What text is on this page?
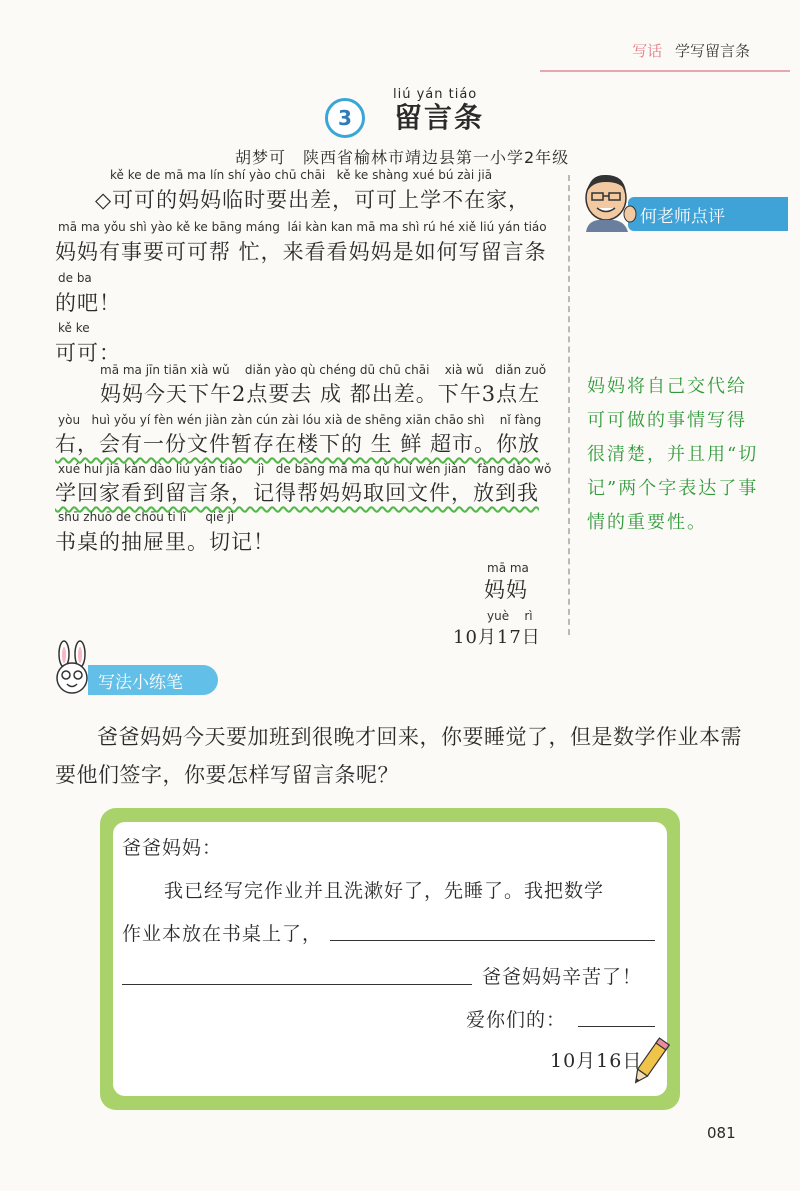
写话 学写留言条
liú yán tiáo
3	留言条
胡梦可　陕西省榆林市靖边县第一小学2年级
kě ke de mā ma lín shí yào chū chāi   kě ke shàng xué bú zài jiā
◇可可的妈妈临时要出差，可可上学不在家，
mā ma yǒu shì yào kě ke bāng máng  lái kàn kan mā ma shì rú hé xiě liú yán tiáo
妈妈有事要可可帮 忙，来看看妈妈是如何写留言条
de ba
的吧！
kě ke
可可：
mā ma jīn tiān xià wǔ    diǎn yào qù chéng dū chū chāi    xià wǔ   diǎn zuǒ
妈妈今天下午2点要去 成 都出差。下午3点左
yòu   huì yǒu yí fèn wén jiàn zàn cún zài lóu xià de shēng xiān chāo shì    nǐ fàng
右，会有一份文件暂存在楼下的 生 鲜 超市。你放
xué huí jiā kàn dào liú yán tiáo    jì   de bāng mā ma qǔ huí wén jiàn   fàng dào wǒ
学回家看到留言条，记得帮妈妈取回文件，放到我
shū zhuō de chōu ti lǐ     qiè jì
书桌的抽屉里。切记！
mā ma
妈妈
yuè    rì
10月17日
何老师点评
妈妈将自己交代给可可做的事情写得很清楚，并且用“切记”两个字表达了事情的重要性。
写法小练笔
爸爸妈妈今天要加班到很晚才回来，你要睡觉了，但是数学作业本需要他们签字，你要怎样写留言条呢？
爸爸妈妈：
我已经写完作业并且洗漱好了，先睡了。我把数学
作业本放在书桌上了，
爸爸妈妈辛苦了！
爱你们的：
10月16日
081
